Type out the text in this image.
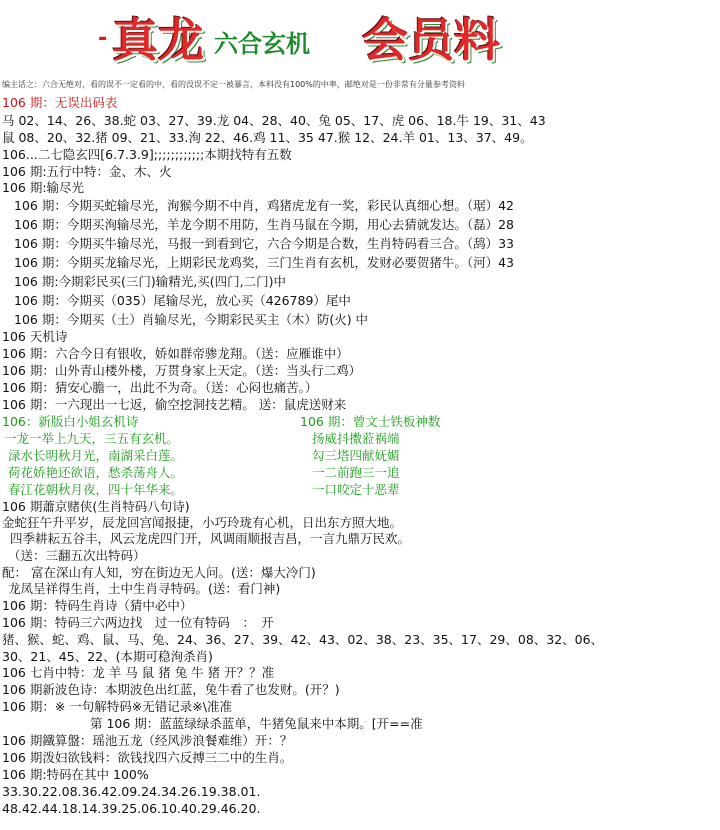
- 真龙 六合玄机 会员料
编主话之：六合无绝对，看的误不一定看的中，看的没误不定一被暴言，本料没有100%的中率，邮绝对是一份非常有分量参考资料
106 期：无误出码表
马 02、14、26、38.蛇 03、27、39.龙 04、28、40、兔 05、17、虎 06、18.牛 19、31、43
鼠 08、20、32.猪 09、21、33.洵 22、46.鸡 11、35 47.猴 12、24.羊 01、13、37、49。
106...二七隐玄四[6.7.3.9];;;;;;;;;;;;本期找特有五数
106 期:五行中特：金、木、火
106 期:输尽光
106 期：今期买蛇输尽光，洵猴今期不中肖，鸡猪虎龙有一奖，彩民认真细心想。（琚）42
106 期：今期买洵输尽光，羊龙今期不用防，生肖马鼠在今期，用心去猜就发达。（磊）28
106 期：今期买牛输尽光，马报一到看到它，六合今期是合数，生肖特码看三合。（鸹）33
106 期：今期买龙输尽光，上期彩民龙鸡奖，三门生肖有玄机，发财必要贺猪牛。（河）43
106 期:今期彩民买(三门)输精光,买(四门,二门)中
106 期：今期买（035）尾输尽光，放心买（426789）尾中
106 期：今期买（土）肖输尽光，今期彩民买主（木）防(火) 中
106 天机诗
106 期：六合今日有银收，娇如群帝骖龙翔。（送：应雁谁中）
106 期：山外青山楼外楼，万贯身家上天定。（送：当头行二鸡）
106 期：猜安心膽一，出此不为奇。（送：心闷也痛苦。）
106 期：一六现出一七返，偷空挖洞技艺精。 送：鼠虎送财来
106：新版白小姐玄机诗	106 期：曾文士铁板神数
一龙一举上九天，三五有玄机。	扬威抖擞蒞祸端
渌水长明秋月光，南湖采白莲。	勾三塔四献妩媚
荷花娇艳还欲语，愁杀荡舟人。	一二前跑三一追
春江花朝秋月夜，四十年华来。	一口咬定十恶辈
106 期蕭京赌侠(生肖特码八句诗)
金蛇狂午升平岁，辰龙回宫闻报捷，小巧玲珑有心机，日出东方照大地。
四季耕耘五谷丰，风云龙虎四门开，风调雨顺报吉昌，一言九鼎万民欢。
（送：三翻五次出特码）
配： 富在深山有人知，穷在街边无人问。(送：爆大冷门)
龙凤呈祥得生肖，土中生肖寻特码。(送：看门神)
106 期：特码生肖诗（猜中必中）
106 期：特码三六两边找　过一位有特码　：　开
猪、猴、蛇、鸡、鼠、马、兔、24、36、27、39、42、43、02、38、23、35、17、29、08、32、06、
30、21、45、22、(本期可稳洵杀肖)
106 七肖中特：龙 羊 马 鼠 猪 兔 牛 猪 开？？准
106 期新波色诗：本期波色出红蓝，兔牛看了也发财。(开？)
106 期：※ 一句解特码※无错记录※\准准
第 106 期：蓝蓝绿绿杀蓝单，牛猪兔鼠来中本期。[开==准
106 期鐵算盤：瑶池五龙（经风涉浪餐难维）开：？
106 期泼妇欲钱料：欲钱找四六反搏三二中的生肖。
106 期:特码在其中 100%
33.30.22.08.36.42.09.24.34.26.19.38.01.
48.42.44.18.14.39.25.06.10.40.29.46.20.
